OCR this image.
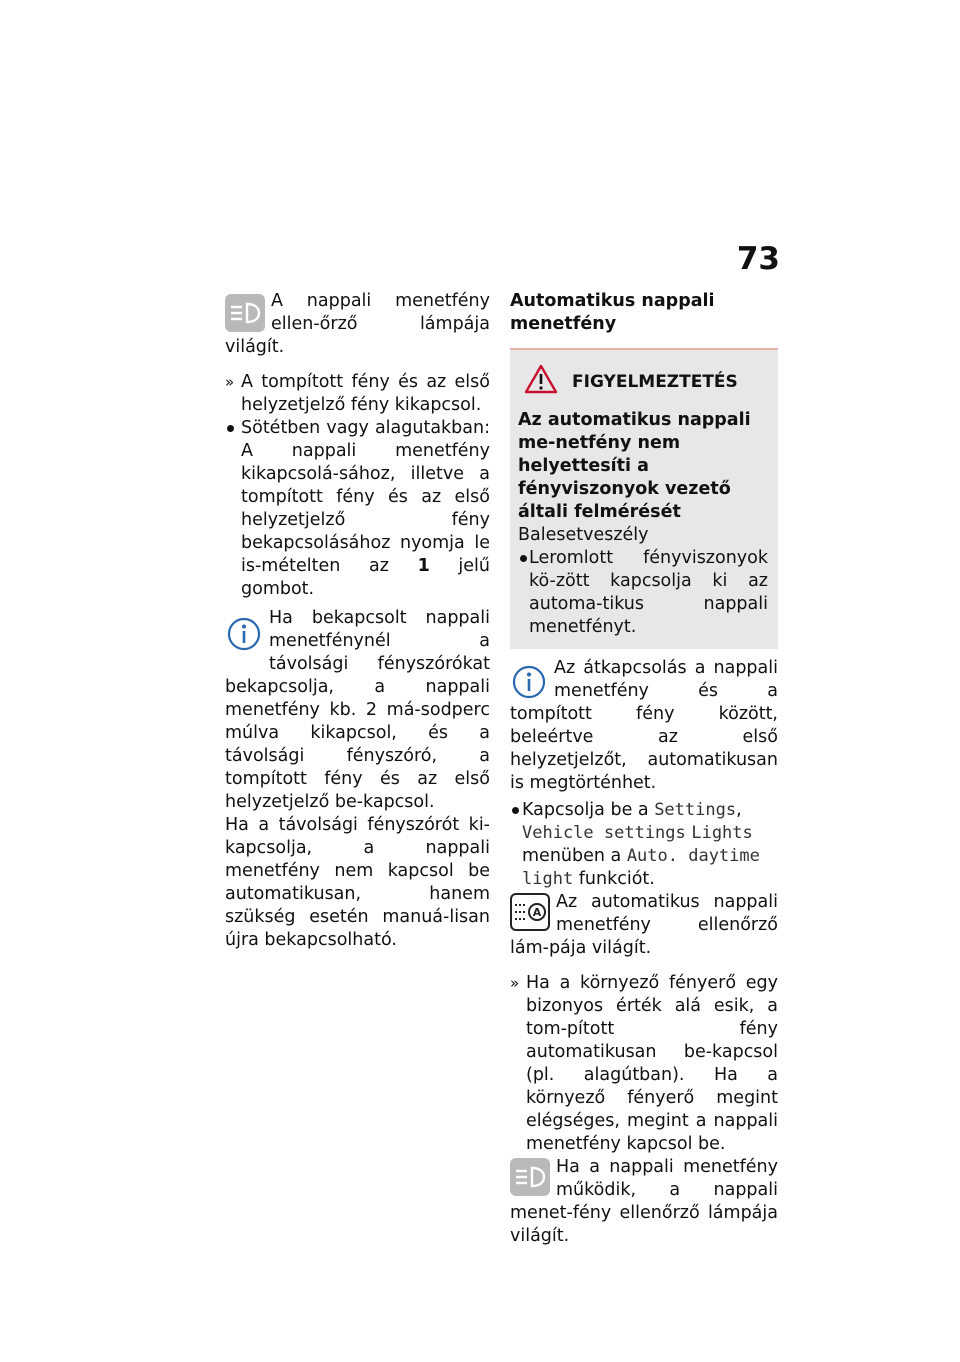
73

A nappali menetfény ellen-őrző lámpája világít.

» A tompított fény és az első helyzetjelző fény kikapcsol.
Sötétben vagy alagutakban: A nappali menetfény kikapcsolá-sához, illetve a tompított fény és az első helyzetjelző fény bekapcsolásához nyomja le is-mételten az 1 jelű gombot.

Ha bekapcsolt nappali menetfénynél a távolsági fényszórókat bekapcsolja, a nappali menetfény kb. 2 má-sodperc múlva kikapcsol, és a távolsági fényszóró, a tompított fény és az első helyzetjelző be-kapcsol.

Ha a távolsági fényszórót ki-kapcsolja, a nappali menetfény nem kapcsol be automatikusan, hanem szükség esetén manuá-lisan újra bekapcsolható.

Automatikus nappali menetfény
FIGYELMEZTETÉS

Az automatikus nappali me-netfény nem helyettesíti a fényviszonyok vezető általi felmérését

Balesetveszély

Leromlott fényviszonyok kö-zött kapcsolja ki az automa-tikus nappali menetfényt.

Az átkapcsolás a nappali menetfény és a tompított fény között, beleértve az első helyzetjelzőt, automatikusan is megtörténhet.

Kapcsolja be a Settings,
Vehicle settings Lights
menüben a Auto. daytime light funkciót.
A

Az automatikus nappali menetfény ellenőrző lám-pája világít.

» Ha a környező fényerő egy bizonyos érték alá esik, a tom-pított fény automatikusan be-kapcsol (pl. alagútban). Ha a környező fényerő megint elégséges, megint a nappali menetfény kapcsol be.

Ha a nappali menetfény működik, a nappali menet-fény ellenőrző lámpája világít.
